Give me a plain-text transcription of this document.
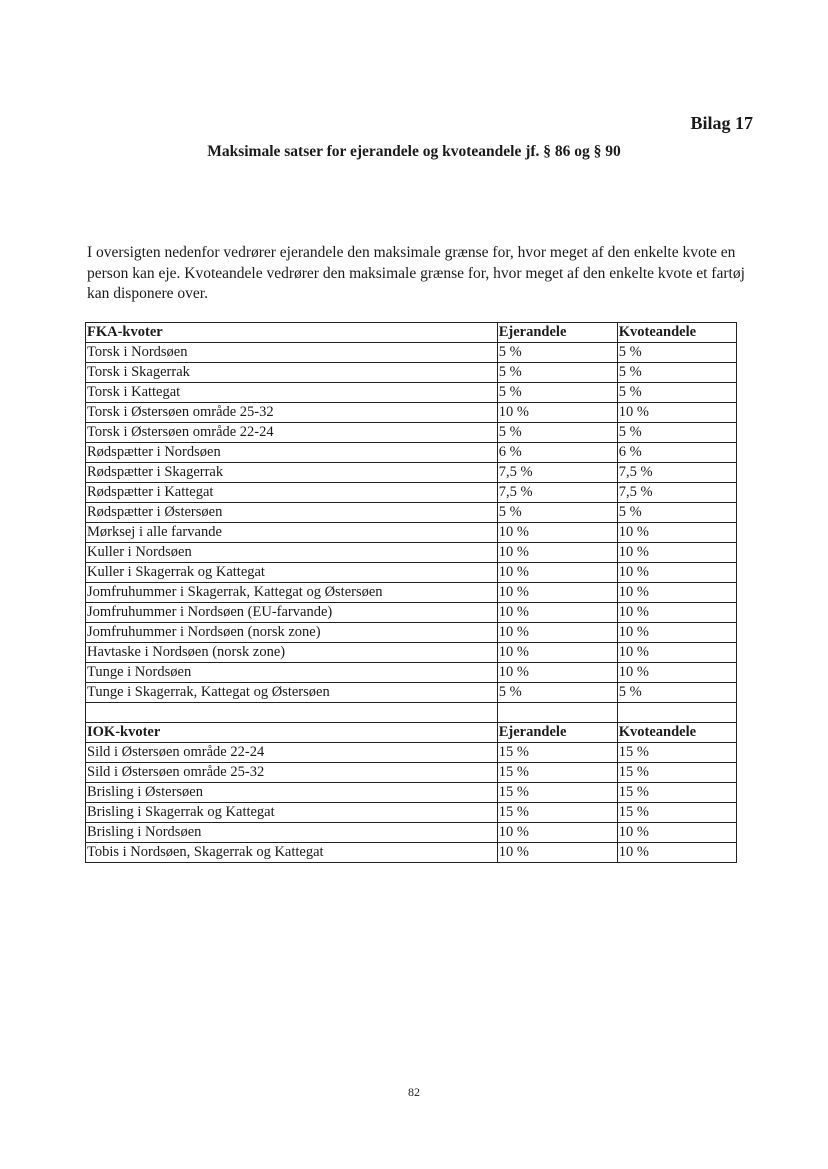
Bilag 17
Maksimale satser for ejerandele og kvoteandele jf. § 86 og § 90
I oversigten nedenfor vedrører ejerandele den maksimale grænse for, hvor meget af den enkelte kvote en person kan eje. Kvoteandele vedrører den maksimale grænse for, hvor meget af den enkelte kvote et fartøj kan disponere over.
FKA-kvoter	Ejerandele	Kvoteandele
Torsk i Nordsøen	5 %	5 %
Torsk i Skagerrak	5 %	5 %
Torsk i Kattegat	5 %	5 %
Torsk i Østersøen område 25-32	10 %	10 %
Torsk i Østersøen område 22-24	5 %	5 %
Rødspætter i Nordsøen	6 %	6 %
Rødspætter i Skagerrak	7,5 %	7,5 %
Rødspætter i Kattegat	7,5 %	7,5 %
Rødspætter i Østersøen	5 %	5 %
Mørksej i alle farvande	10 %	10 %
Kuller i Nordsøen	10 %	10 %
Kuller i Skagerrak og Kattegat	10 %	10 %
Jomfruhummer i Skagerrak, Kattegat og Østersøen	10 %	10 %
Jomfruhummer i Nordsøen (EU-farvande)	10 %	10 %
Jomfruhummer i Nordsøen (norsk zone)	10 %	10 %
Havtaske i Nordsøen (norsk zone)	10 %	10 %
Tunge i Nordsøen	10 %	10 %
Tunge i Skagerrak, Kattegat og Østersøen	5 %	5 %

IOK-kvoter	Ejerandele	Kvoteandele
Sild i Østersøen område 22-24	15 %	15 %
Sild i Østersøen område 25-32	15 %	15 %
Brisling i Østersøen	15 %	15 %
Brisling i Skagerrak og Kattegat	15 %	15 %
Brisling i Nordsøen	10 %	10 %
Tobis i Nordsøen, Skagerrak og Kattegat	10 %	10 %
82
